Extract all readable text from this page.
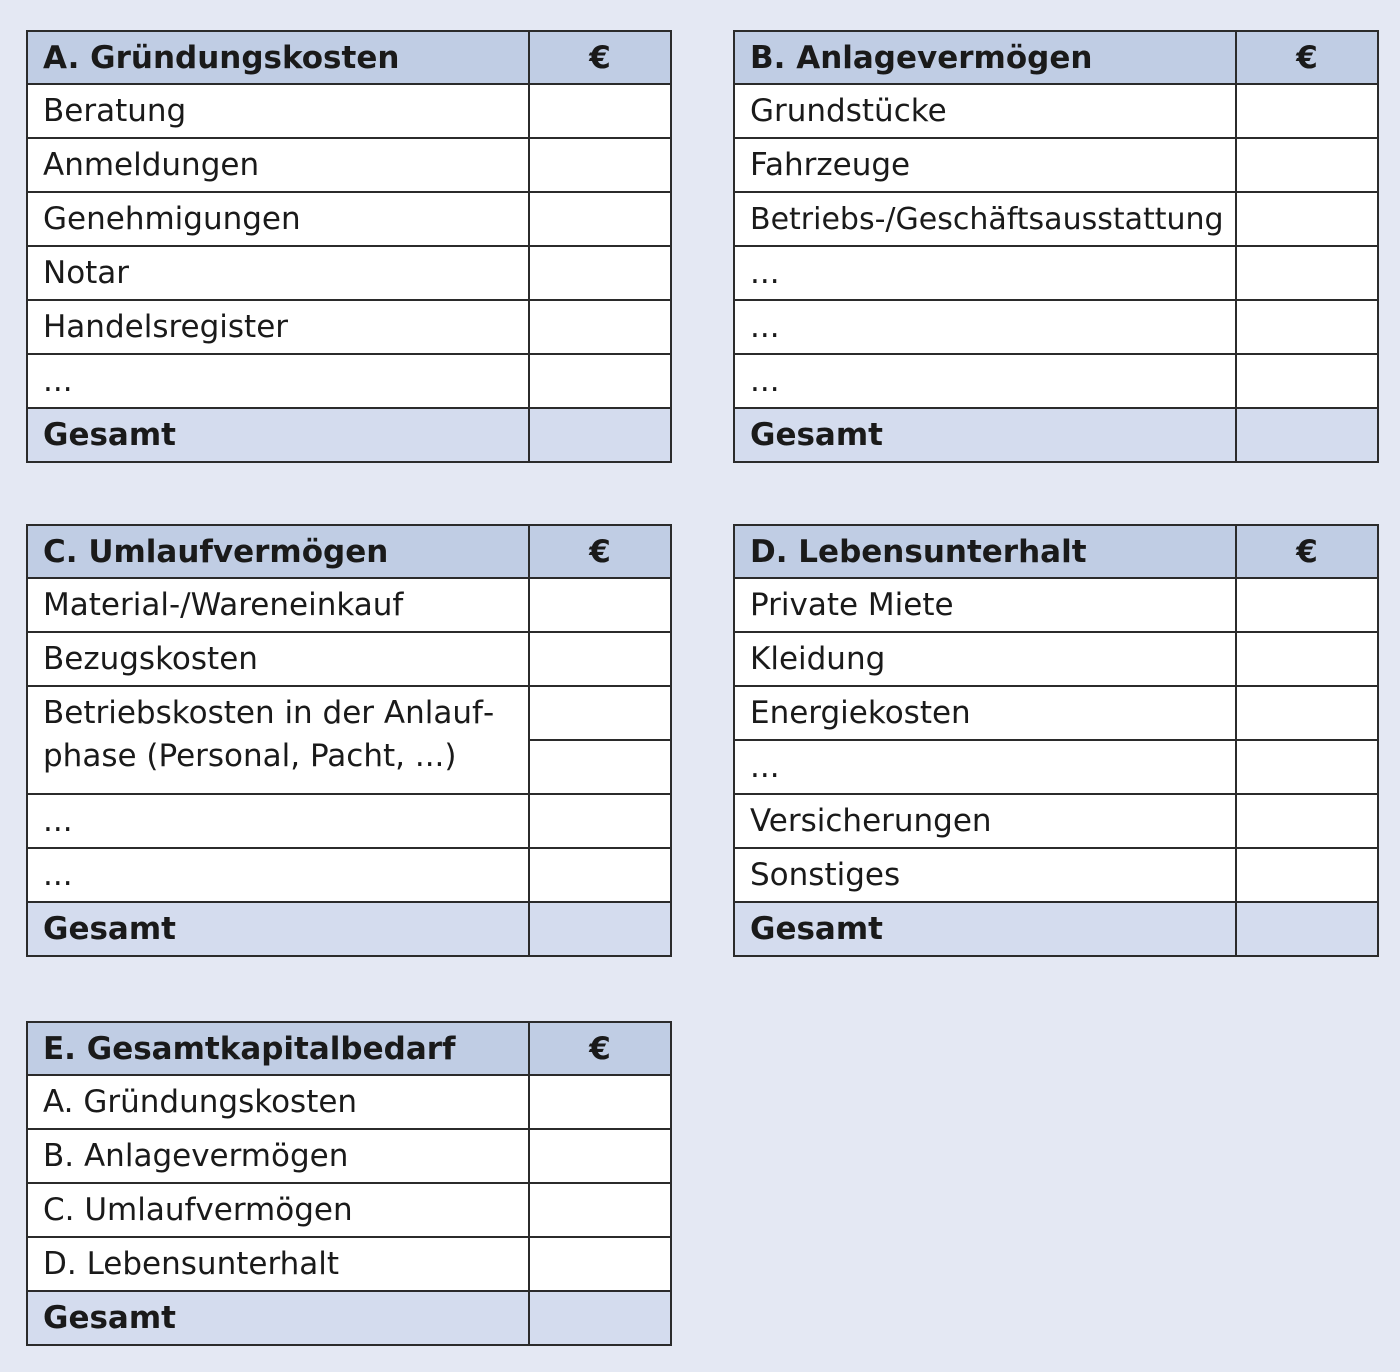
A. Gründungskosten	€
Beratung	
Anmeldungen	
Genehmigungen	
Notar	
Handelsregister	
...	
Gesamt	
B. Anlagevermögen	€
Grundstücke	
Fahrzeuge	
Betriebs-/Geschäftsausstattung	
...	
...	
...	
Gesamt	
C. Umlaufvermögen	€
Material-/Wareneinkauf	
Bezugskosten	
Betriebskosten in der Anlaufphase (Personal, Pacht, ...)	

...	
...	
Gesamt	
D. Lebensunterhalt	€
Private Miete	
Kleidung	
Energiekosten	
...	
Versicherungen	
Sonstiges	
Gesamt	
E. Gesamtkapitalbedarf	€
A. Gründungskosten	
B. Anlagevermögen	
C. Umlaufvermögen	
D. Lebensunterhalt	
Gesamt	
